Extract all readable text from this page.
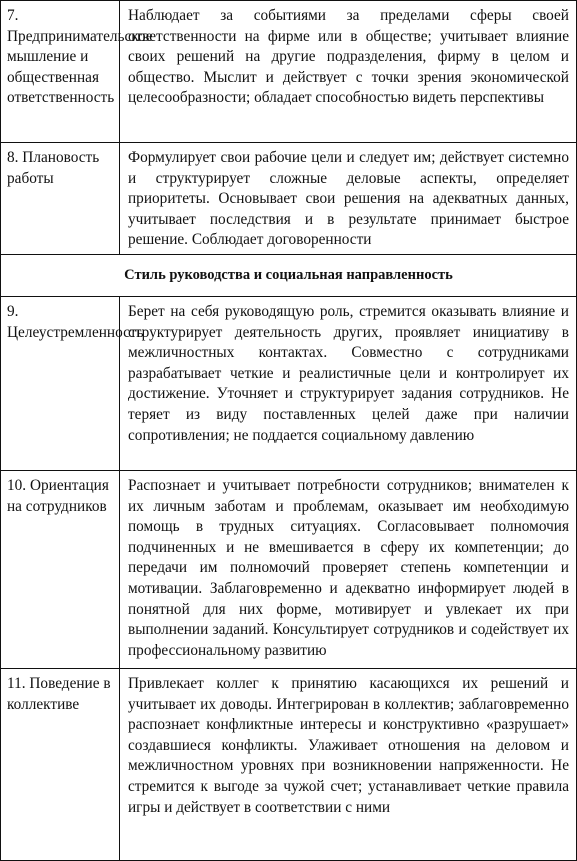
7. Предпринимательское мышление и общественная ответственность	Наблюдает за событиями за пределами сферы своей ответственности на фирме или в обществе; учитывает влияние своих решений на другие подразделения, фирму в целом и общество. Мыслит и действует с точки зрения экономической целесообразности; обладает способностью видеть перспективы
8. Плановость работы	Формулирует свои рабочие цели и следует им; действует системно и структурирует сложные деловые аспекты, определяет приоритеты. Основывает свои решения на адекватных данных, учитывает последствия и в результате принимает быстрое решение. Соблюдает договоренности
Стиль руководства и социальная направленность	
9. Целеустремленность	Берет на себя руководящую роль, стремится оказывать влияние и структурирует деятельность других, проявляет инициативу в межличностных контактах. Совместно с сотрудниками разрабатывает четкие и реалистичные цели и контролирует их достижение. Уточняет и структурирует задания сотрудников. Не теряет из виду поставленных целей даже при наличии сопротивления; не поддается социальному давлению
10. Ориентация на сотрудников	Распознает и учитывает потребности сотрудников; внимателен к их личным заботам и проблемам, оказывает им необходимую помощь в трудных ситуациях. Согласовывает полномочия подчиненных и не вмешивается в сферу их компетенции; до передачи им полномочий проверяет степень компетенции и мотивации. Заблаговременно и адекватно информирует людей в понятной для них форме, мотивирует и увлекает их при выполнении заданий. Консультирует сотрудников и содействует их профессиональному развитию
11. Поведение в коллективе	Привлекает коллег к принятию касающихся их решений и учитывает их доводы. Интегрирован в коллектив; заблаговременно распознает конфликтные интересы и конструктивно «разрушает» создавшиеся конфликты. Улаживает отношения на деловом и межличностном уровнях при возникновении напряженности. Не стремится к выгоде за чужой счет; устанавливает четкие правила игры и действует в соответствии с ними
